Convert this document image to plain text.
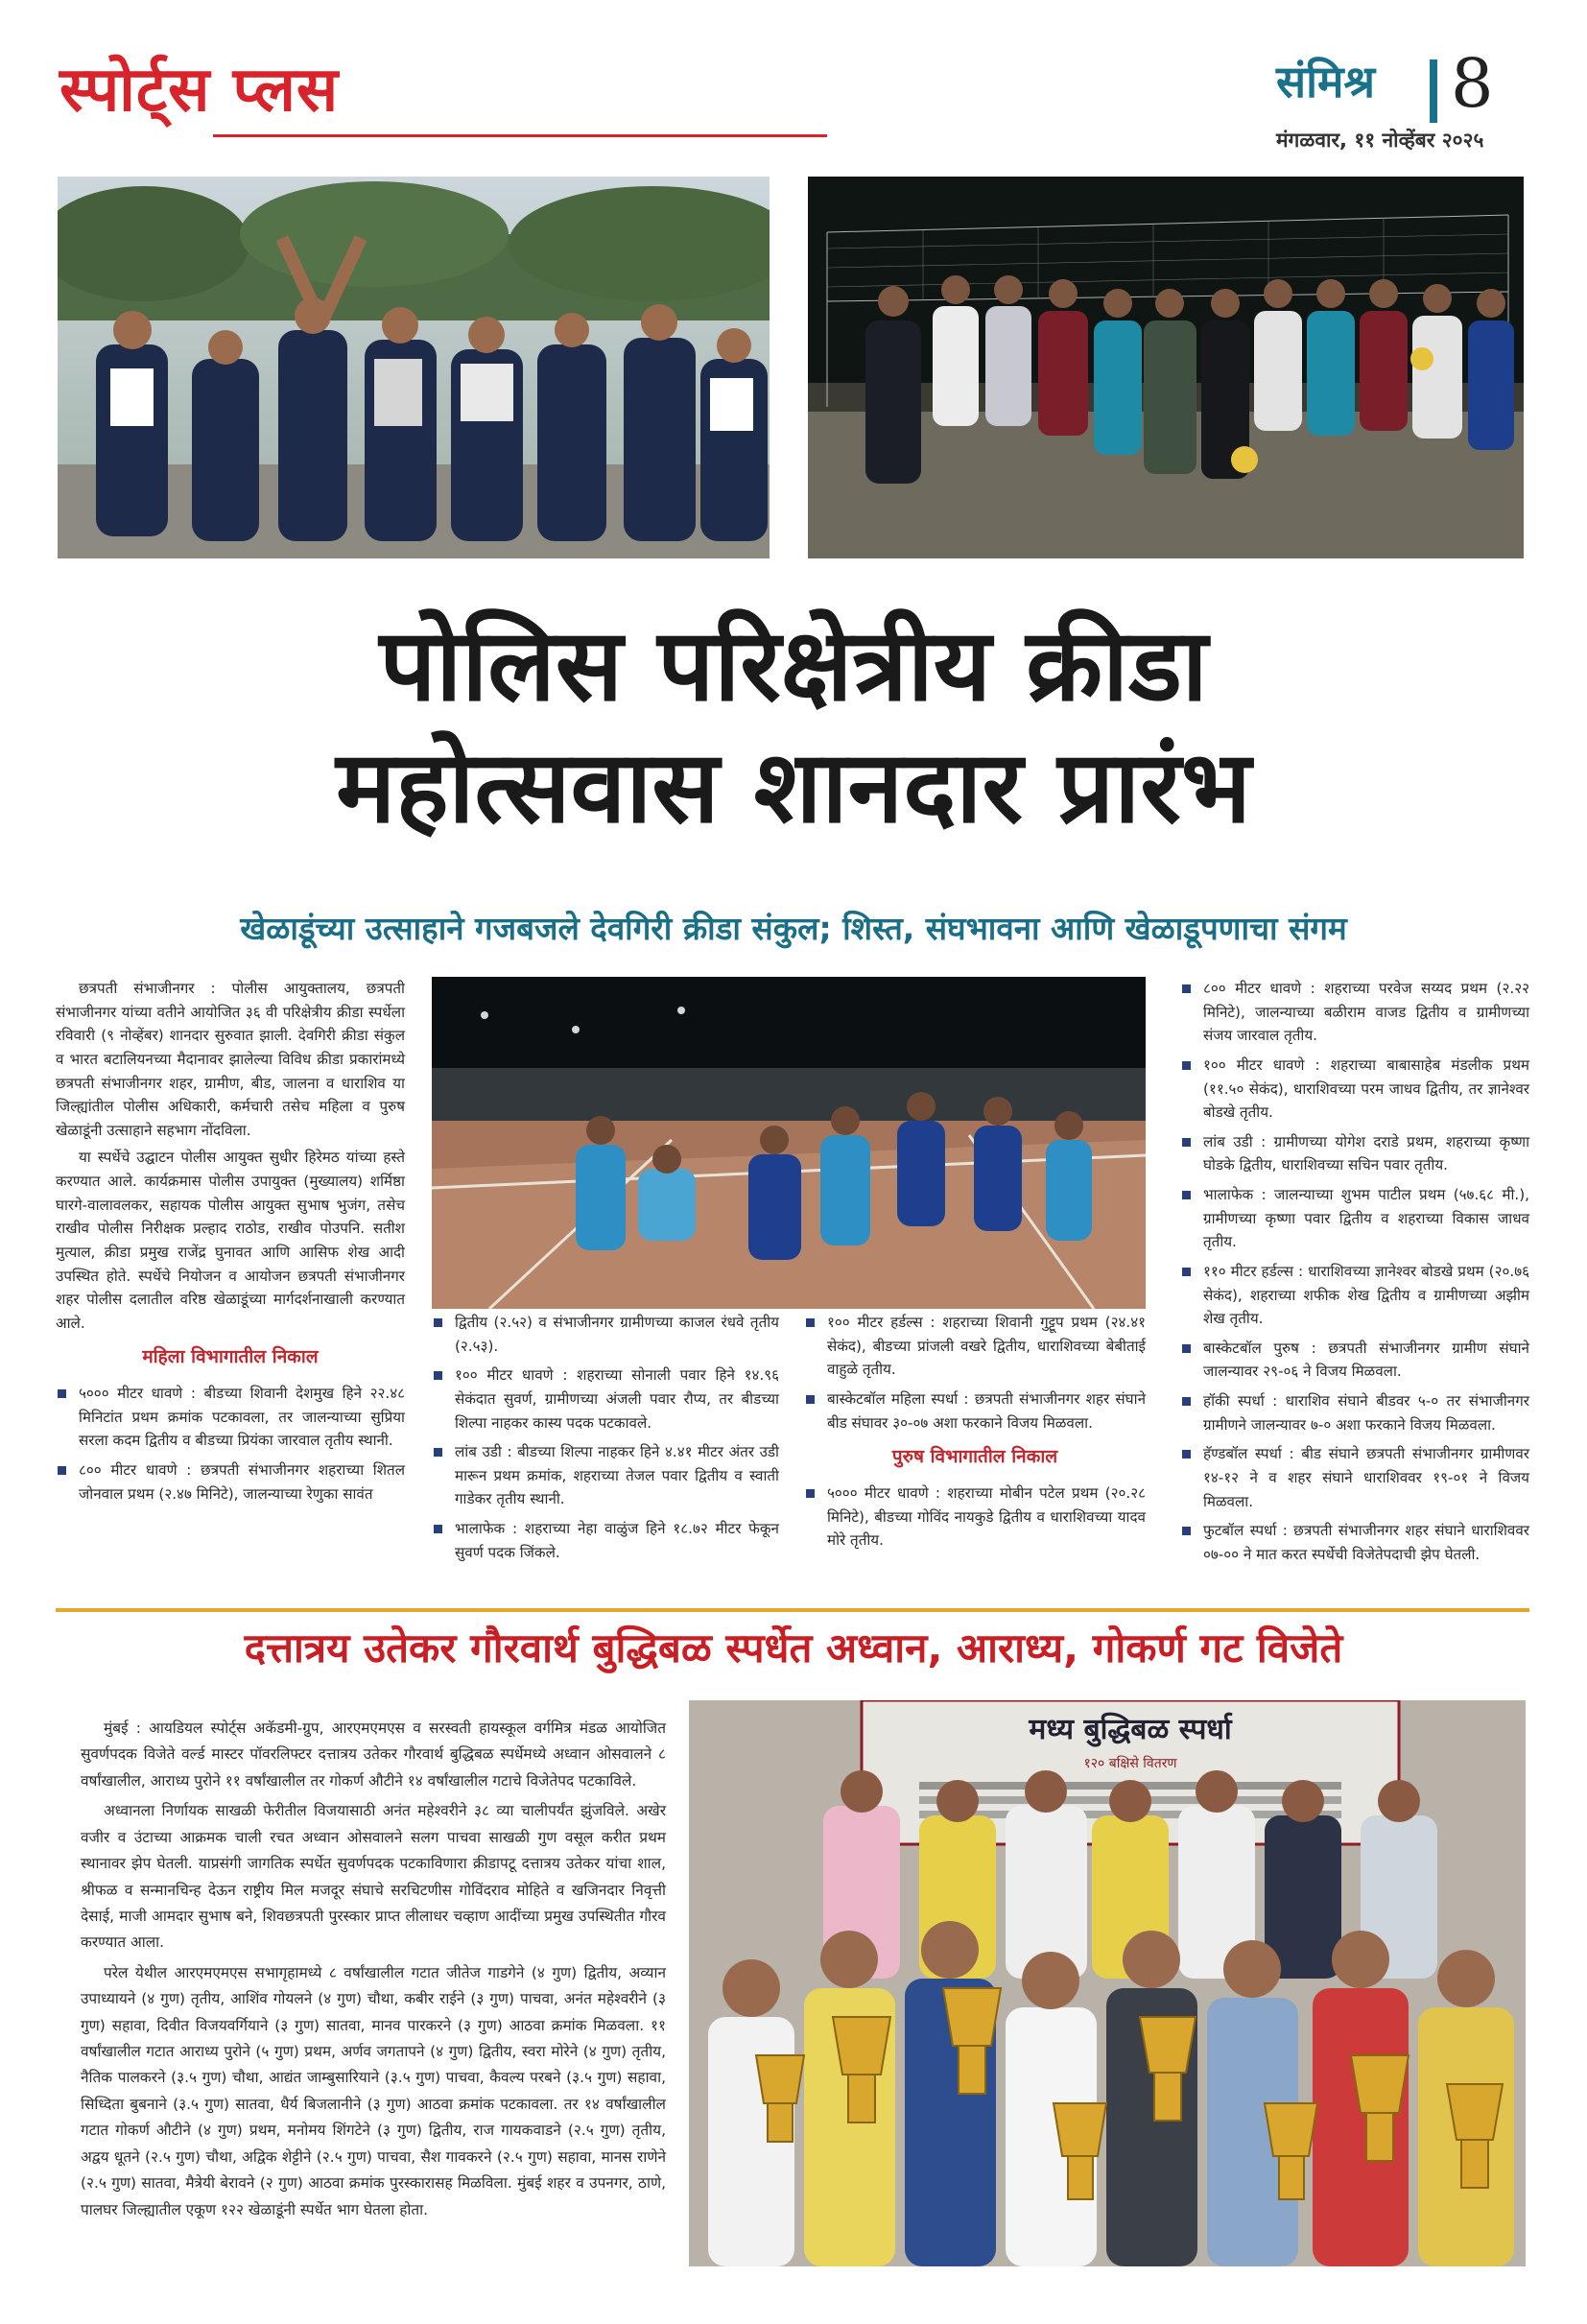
स्पोर्ट्स प्लस	संमिश्र 8
मंगळवार, ११ नोव्हेंबर २०२५
पोलिस परिक्षेत्रीय क्रीडा
महोत्सवास शानदार प्रारंभ
खेळाडूंच्या उत्साहाने गजबजले देवगिरी क्रीडा संकुल; शिस्त, संघभावना आणि खेळाडूपणाचा संगम

छत्रपती संभाजीनगर : पोलीस आयुक्तालय, छत्रपती संभाजीनगर यांच्या वतीने आयोजित ३६ वी परिक्षेत्रीय क्रीडा स्पर्धेला रविवारी (९ नोव्हेंबर) शानदार सुरुवात झाली. देवगिरी क्रीडा संकुल व भारत बटालियनच्या मैदानावर झालेल्या विविध क्रीडा प्रकारांमध्ये छत्रपती संभाजीनगर शहर, ग्रामीण, बीड, जालना व धाराशिव या जिल्ह्यांतील पोलीस अधिकारी, कर्मचारी तसेच महिला व पुरुष खेळाडूंनी उत्साहाने सहभाग नोंदविला.

या स्पर्धेचे उद्घाटन पोलीस आयुक्त सुधीर हिरेमठ यांच्या हस्ते करण्यात आले. कार्यक्रमास पोलीस उपायुक्त (मुख्यालय) शर्मिष्ठा घारगे-वालावलकर, सहायक पोलीस आयुक्त सुभाष भुजंग, तसेच राखीव पोलीस निरीक्षक प्रल्हाद राठोड, राखीव पोउपनि. सतीश मुत्याल, क्रीडा प्रमुख राजेंद्र घुनावत आणि आसिफ शेख आदी उपस्थित होते. स्पर्धेचे नियोजन व आयोजन छत्रपती संभाजीनगर शहर पोलीस दलातील वरिष्ठ खेळाडूंच्या मार्गदर्शनाखाली करण्यात आले.

महिला विभागातील निकाल
५००० मीटर धावणे : बीडच्या शिवानी देशमुख हिने २२.४८ मिनिटांत प्रथम क्रमांक पटकावला, तर जालन्याच्या सुप्रिया सरला कदम द्वितीय व बीडच्या प्रियंका जारवाल तृतीय स्थानी.
८०० मीटर धावणे : छत्रपती संभाजीनगर शहराच्या शितल जोनवाल प्रथम (२.४७ मिनिटे), जालन्याच्या रेणुका सावंत
द्वितीय (२.५२) व संभाजीनगर ग्रामीणच्या काजल रंधवे तृतीय (२.५३).
१०० मीटर धावणे : शहराच्या सोनाली पवार हिने १४.९६ सेकंदात सुवर्ण, ग्रामीणच्या अंजली पवार रौप्य, तर बीडच्या शिल्पा नाहकर कास्य पदक पटकावले.
लांब उडी : बीडच्या शिल्पा नाहकर हिने ४.४१ मीटर अंतर उडी मारून प्रथम क्रमांक, शहराच्या तेजल पवार द्वितीय व स्वाती गाडेकर तृतीय स्थानी.
भालाफेक : शहराच्या नेहा वाळुंज हिने १८.७२ मीटर फेकून सुवर्ण पदक जिंकले.
१०० मीटर हर्डल्स : शहराच्या शिवानी गुट्टूप प्रथम (२४.४१ सेकंद), बीडच्या प्रांजली वखरे द्वितीय, धाराशिवच्या बेबीताई वाहुळे तृतीय.
बास्केटबॉल महिला स्पर्धा : छत्रपती संभाजीनगर शहर संघाने बीड संघावर ३०-०७ अशा फरकाने विजय मिळवला.
पुरुष विभागातील निकाल
५००० मीटर धावणे : शहराच्या मोबीन पटेल प्रथम (२०.२८ मिनिटे), बीडच्या गोविंद नायकुडे द्वितीय व धाराशिवच्या यादव मोरे तृतीय.
८०० मीटर धावणे : शहराच्या परवेज सय्यद प्रथम (२.२२ मिनिटे), जालन्याच्या बळीराम वाजड द्वितीय व ग्रामीणच्या संजय जारवाल तृतीय.
१०० मीटर धावणे : शहराच्या बाबासाहेब मंडलीक प्रथम (११.५० सेकंद), धाराशिवच्या परम जाधव द्वितीय, तर ज्ञानेश्वर बोडखे तृतीय.
लांब उडी : ग्रामीणच्या योगेश दराडे प्रथम, शहराच्या कृष्णा घोडके द्वितीय, धाराशिवच्या सचिन पवार तृतीय.
भालाफेक : जालन्याच्या शुभम पाटील प्रथम (५७.६८ मी.), ग्रामीणच्या कृष्णा पवार द्वितीय व शहराच्या विकास जाधव तृतीय.
११० मीटर हर्डल्स : धाराशिवच्या ज्ञानेश्वर बोडखे प्रथम (२०.७६ सेकंद), शहराच्या शफीक शेख द्वितीय व ग्रामीणच्या अझीम शेख तृतीय.
बास्केटबॉल पुरुष : छत्रपती संभाजीनगर ग्रामीण संघाने जालन्यावर २९-०६ ने विजय मिळवला.
हॉकी स्पर्धा : धाराशिव संघाने बीडवर ५-० तर संभाजीनगर ग्रामीणने जालन्यावर ७-० अशा फरकाने विजय मिळवला.
हॅण्डबॉल स्पर्धा : बीड संघाने छत्रपती संभाजीनगर ग्रामीणवर १४-१२ ने व शहर संघाने धाराशिववर १९-०१ ने विजय मिळवला.
फुटबॉल स्पर्धा : छत्रपती संभाजीनगर शहर संघाने धाराशिववर ०७-०० ने मात करत स्पर्धेची विजेतेपदाची झेप घेतली.
दत्तात्रय उतेकर गौरवार्थ बुद्धिबळ स्पर्धेत अध्वान, आराध्य, गोकर्ण गट विजेते

मुंबई : आयडियल स्पोर्ट्स अकॅडमी-ग्रुप, आरएमएमएस व सरस्वती हायस्कूल वर्गमित्र मंडळ आयोजित सुवर्णपदक विजेते वर्ल्ड मास्टर पॉवरलिफ्टर दत्तात्रय उतेकर गौरवार्थ बुद्धिबळ स्पर्धेमध्ये अध्वान ओसवालने ८ वर्षांखालील, आराध्य पुरोने ११ वर्षांखालील तर गोकर्ण औटीने १४ वर्षांखालील गटाचे विजेतेपद पटकाविले.

अध्वानला निर्णायक साखळी फेरीतील विजयासाठी अनंत महेश्वरीने ३८ व्या चालीपर्यंत झुंजविले. अखेर वजीर व उंटाच्या आक्रमक चाली रचत अध्वान ओसवालने सलग पाचवा साखळी गुण वसूल करीत प्रथम स्थानावर झेप घेतली. याप्रसंगी जागतिक स्पर्धेत सुवर्णपदक पटकाविणारा क्रीडापटू दत्तात्रय उतेकर यांचा शाल, श्रीफळ व सन्मानचिन्ह देऊन राष्ट्रीय मिल मजदूर संघाचे सरचिटणीस गोविंदराव मोहिते व खजिनदार निवृत्ती देसाई, माजी आमदार सुभाष बने, शिवछत्रपती पुरस्कार प्राप्त लीलाधर चव्हाण आदींच्या प्रमुख उपस्थितीत गौरव करण्यात आला.

परेल येथील आरएमएमएस सभागृहामध्ये ८ वर्षांखालील गटात जीतेज गाडगेने (४ गुण) द्वितीय, अव्यान उपाध्यायने (४ गुण) तृतीय, आशिंव गोयलने (४ गुण) चौथा, कबीर राईने (३ गुण) पाचवा, अनंत महेश्वरीने (३ गुण) सहावा, दिवीत विजयवर्गियाने (३ गुण) सातवा, मानव पारकरने (३ गुण) आठवा क्रमांक मिळवला. ११ वर्षांखालील गटात आराध्य पुरोने (५ गुण) प्रथम, अर्णव जगतापने (४ गुण) द्वितीय, स्वरा मोरेने (४ गुण) तृतीय, नैतिक पालकरने (३.५ गुण) चौथा, आद्यंत जाम्बुसारियाने (३.५ गुण) पाचवा, कैवल्य परबने (३.५ गुण) सहावा, सिध्दिता बुबनाने (३.५ गुण) सातवा, धैर्य बिजलानीने (३ गुण) आठवा क्रमांक पटकावला. तर १४ वर्षांखालील गटात गोकर्ण औटीने (४ गुण) प्रथम, मनोमय शिंगटेने (३ गुण) द्वितीय, राज गायकवाडने (२.५ गुण) तृतीय, अद्वय धूतने (२.५ गुण) चौथा, अद्विक शेट्टीने (२.५ गुण) पाचवा, सैश गावकरने (२.५ गुण) सहावा, मानस राणेने (२.५ गुण) सातवा, मैत्रेयी बेरावने (२ गुण) आठवा क्रमांक पुरस्कारासह मिळविला. मुंबई शहर व उपनगर, ठाणे, पालघर जिल्ह्यातील एकूण १२२ खेळाडूंनी स्पर्धेत भाग घेतला होता.

मध्य बुद्धिबळ स्पर्धा
१२० बक्षिसे वितरण
